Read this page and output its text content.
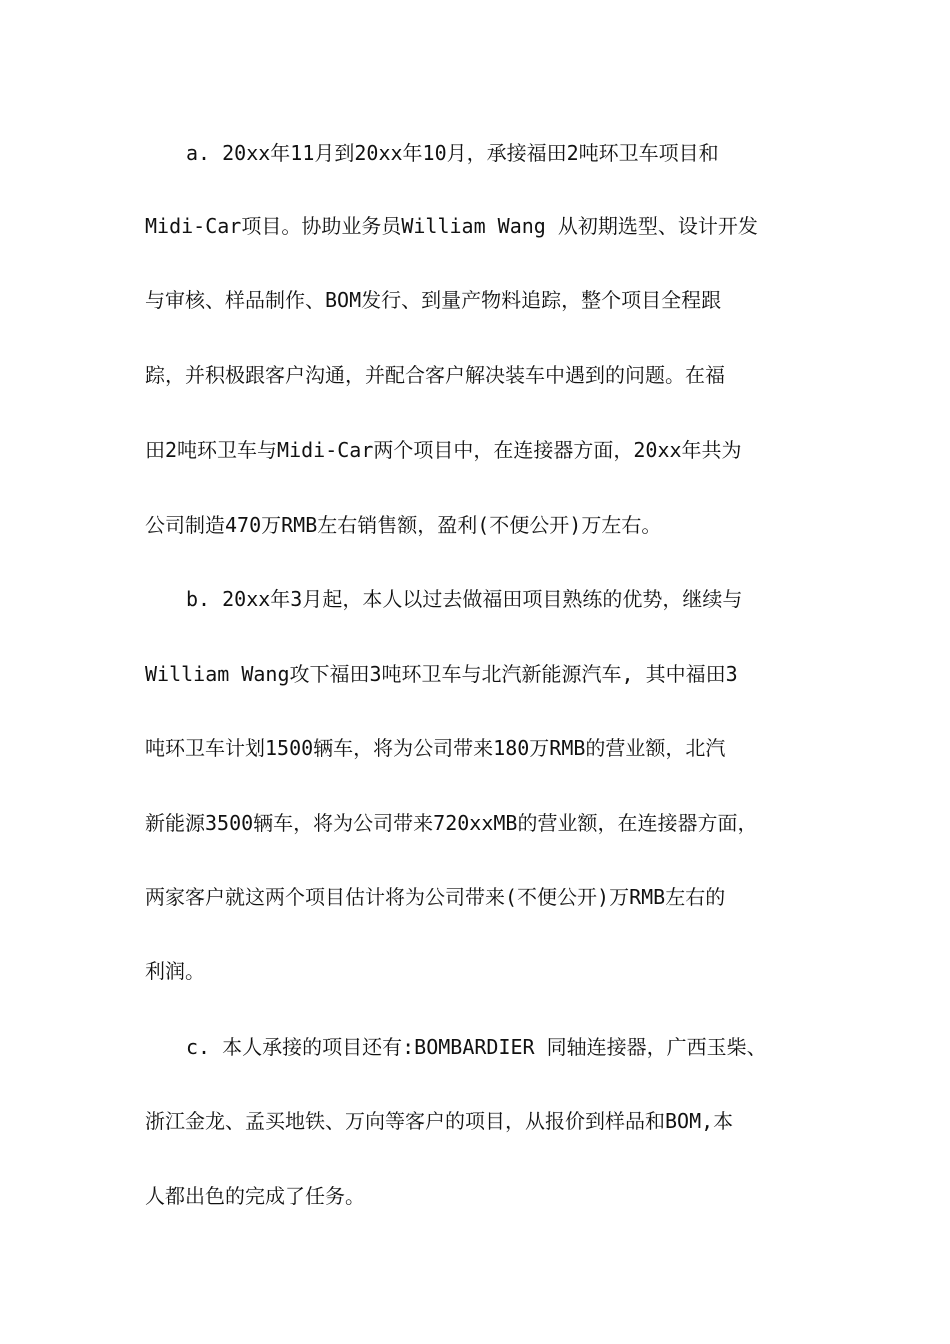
a. 20xx年11月到20xx年10月，承接福田2吨环卫车项目和

Midi-Car项目。协助业务员William Wang 从初期选型、设计开发

与审核、样品制作、BOM发行、到量产物料追踪，整个项目全程跟

踪，并积极跟客户沟通，并配合客户解决装车中遇到的问题。在福

田2吨环卫车与Midi-Car两个项目中，在连接器方面，20xx年共为

公司制造470万RMB左右销售额，盈利(不便公开)万左右。

b. 20xx年3月起，本人以过去做福田项目熟练的优势，继续与

William Wang攻下福田3吨环卫车与北汽新能源汽车, 其中福田3

吨环卫车计划1500辆车，将为公司带来180万RMB的营业额，北汽

新能源3500辆车，将为公司带来720xxMB的营业额，在连接器方面，

两家客户就这两个项目估计将为公司带来(不便公开)万RMB左右的

利润。

c. 本人承接的项目还有:BOMBARDIER 同轴连接器，广西玉柴、

浙江金龙、孟买地铁、万向等客户的项目，从报价到样品和BOM,本

人都出色的完成了任务。
